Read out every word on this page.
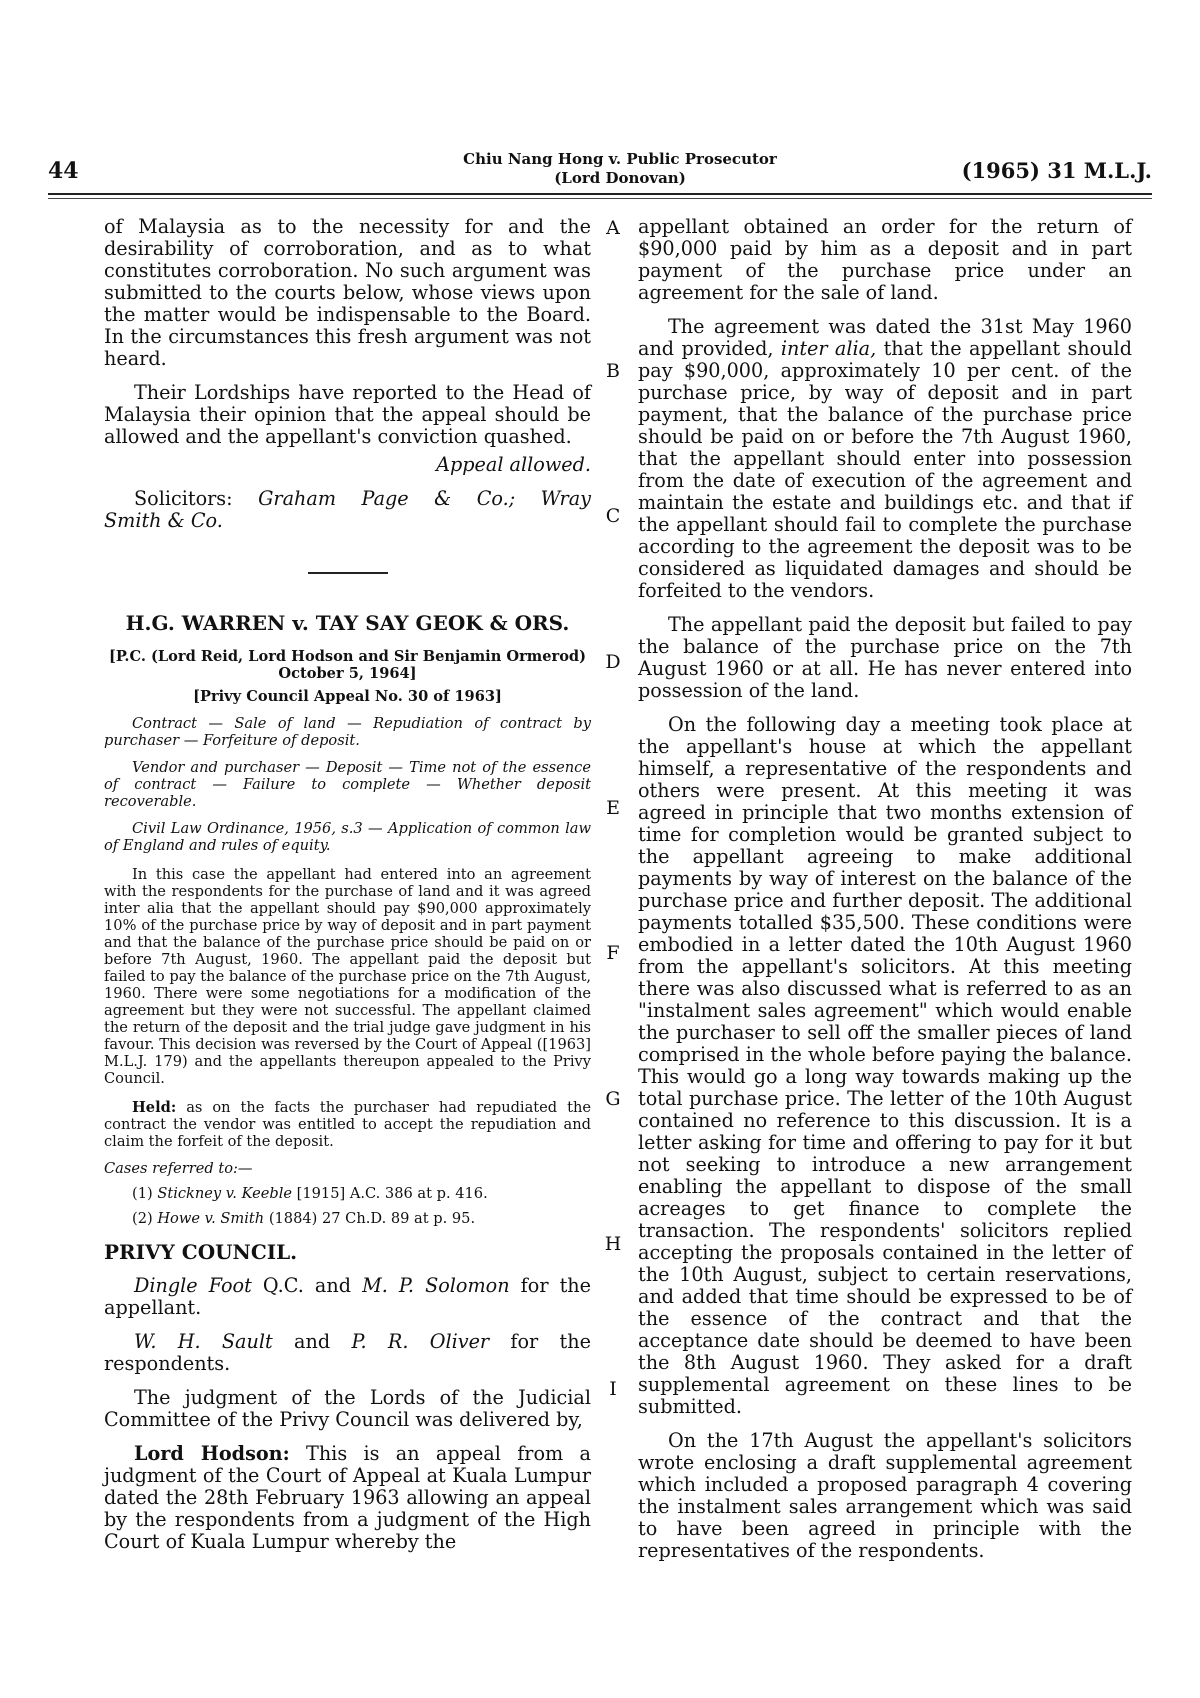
44	Chiu Nang Hong v. Public Prosecutor
(Lord Donovan)	(1965) 31 M.L.J.

of Malaysia as to the necessity for and the desirability of corroboration, and as to what constitutes corroboration. No such argument was submitted to the courts below, whose views upon the matter would be indispensable to the Board. In the circumstances this fresh argument was not heard.

Their Lordships have reported to the Head of Malaysia their opinion that the appeal should be allowed and the appellant's conviction quashed.

Appeal allowed.

Solicitors: Graham Page & Co.; Wray

Smith & Co.

H.G. WARREN v. TAY SAY GEOK & ORS.

[P.C. (Lord Reid, Lord Hodson and Sir Benjamin Ormerod) October 5, 1964]

[Privy Council Appeal No. 30 of 1963]

Contract — Sale of land — Repudiation of contract by purchaser — Forfeiture of deposit.

Vendor and purchaser — Deposit — Time not of the essence of contract — Failure to complete — Whether deposit recoverable.

Civil Law Ordinance, 1956, s.3 — Application of common law of England and rules of equity.

In this case the appellant had entered into an agreement with the respondents for the purchase of land and it was agreed inter alia that the appellant should pay $90,000 approximately 10% of the purchase price by way of deposit and in part payment and that the balance of the purchase price should be paid on or before 7th August, 1960. The appellant paid the deposit but failed to pay the balance of the purchase price on the 7th August, 1960. There were some negotiations for a modification of the agreement but they were not successful. The appellant claimed the return of the deposit and the trial judge gave judgment in his favour. This decision was reversed by the Court of Appeal ([1963] M.L.J. 179) and the appellants thereupon appealed to the Privy Council.

Held: as on the facts the purchaser had repudiated the contract the vendor was entitled to accept the repudiation and claim the forfeit of the deposit.

Cases referred to:—

(1) Stickney v. Keeble [1915] A.C. 386 at p. 416.

(2) Howe v. Smith (1884) 27 Ch.D. 89 at p. 95.

PRIVY COUNCIL.

Dingle Foot Q.C. and M. P. Solomon for the appellant.

W. H. Sault and P. R. Oliver for the respondents.

The judgment of the Lords of the Judicial Committee of the Privy Council was delivered by,

Lord Hodson: This is an appeal from a judgment of the Court of Appeal at Kuala Lumpur dated the 28th February 1963 allowing an appeal by the respondents from a judgment of the High Court of Kuala Lumpur whereby the

A
B
C
D
E
F
G
H
I

appellant obtained an order for the return of $90,000 paid by him as a deposit and in part payment of the purchase price under an agreement for the sale of land.

The agreement was dated the 31st May 1960 and provided, inter alia, that the appellant should pay $90,000, approximately 10 per cent. of the purchase price, by way of deposit and in part payment, that the balance of the purchase price should be paid on or before the 7th August 1960, that the appellant should enter into possession from the date of execution of the agreement and maintain the estate and buildings etc. and that if the appellant should fail to complete the purchase according to the agreement the deposit was to be considered as liquidated damages and should be forfeited to the vendors.

The appellant paid the deposit but failed to pay the balance of the purchase price on the 7th August 1960 or at all. He has never entered into possession of the land.

On the following day a meeting took place at the appellant's house at which the appellant himself, a representative of the respondents and others were present. At this meeting it was agreed in principle that two months extension of time for completion would be granted subject to the appellant agreeing to make additional payments by way of interest on the balance of the purchase price and further deposit. The additional payments totalled $35,500. These conditions were embodied in a letter dated the 10th August 1960 from the appellant's solicitors. At this meeting there was also discussed what is referred to as an "instalment sales agreement" which would enable the purchaser to sell off the smaller pieces of land comprised in the whole before paying the balance. This would go a long way towards making up the total purchase price. The letter of the 10th August contained no reference to this discussion. It is a letter asking for time and offering to pay for it but not seeking to introduce a new arrangement enabling the appellant to dispose of the small acreages to get finance to complete the transaction. The respondents' solicitors replied accepting the proposals contained in the letter of the 10th August, subject to certain reservations, and added that time should be expressed to be of the essence of the contract and that the acceptance date should be deemed to have been the 8th August 1960. They asked for a draft supplemental agreement on these lines to be submitted.

On the 17th August the appellant's solicitors wrote enclosing a draft supplemental agreement which included a proposed paragraph 4 covering the instalment sales arrangement which was said to have been agreed in principle with the representatives of the respondents.
